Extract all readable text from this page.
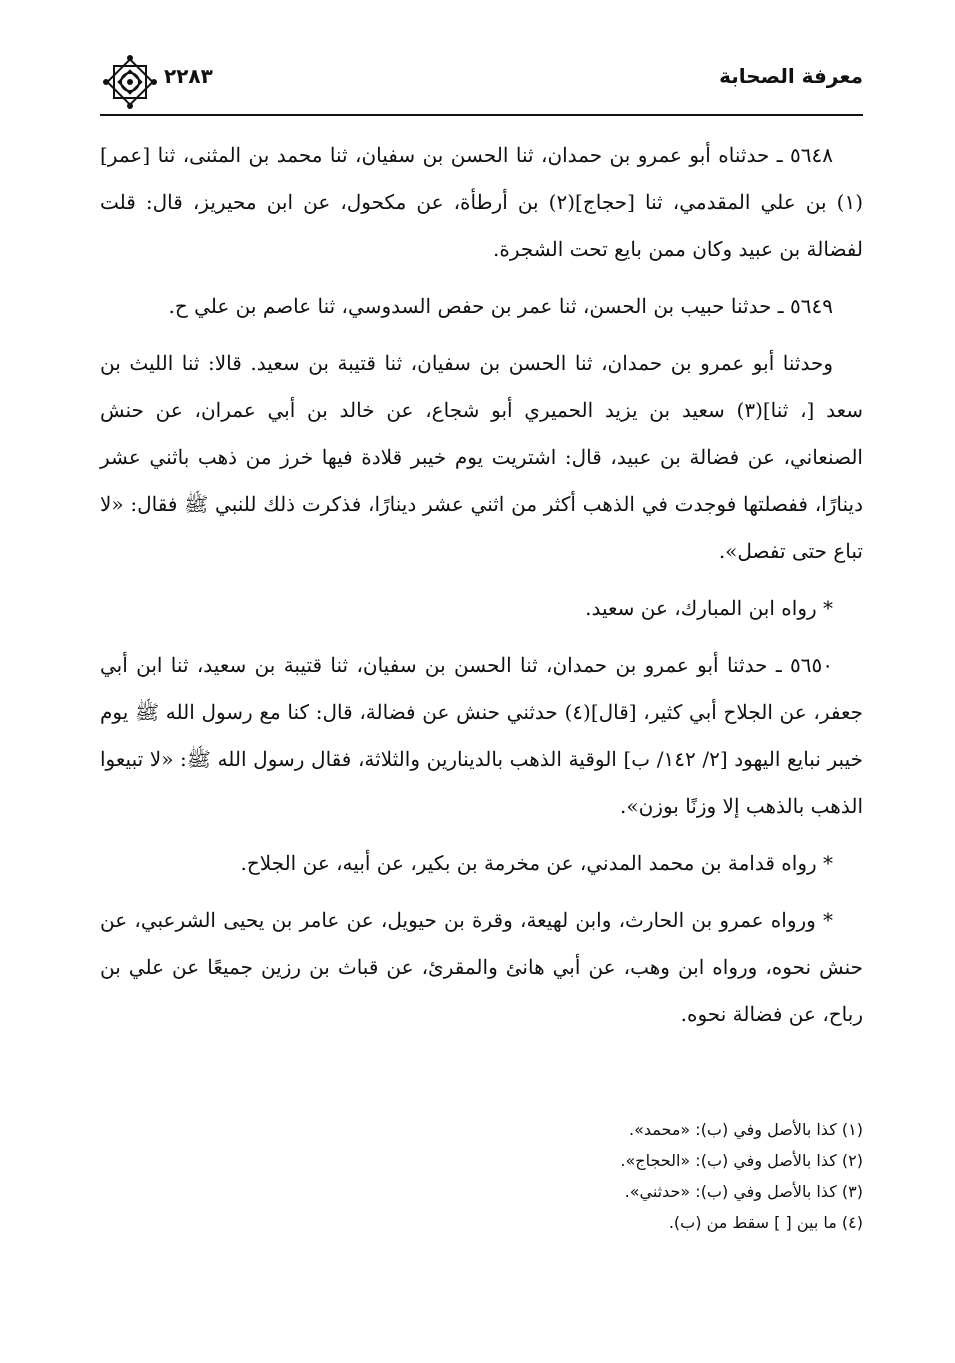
معرفة الصحابة
٢٢٨٣

٥٦٤٨ ـ حدثناه أبو عمرو بن حمدان، ثنا الحسن بن سفيان، ثنا محمد بن المثنى، ثنا [عمر](١) بن علي المقدمي، ثنا [حجاج](٢) بن أرطأة، عن مكحول، عن ابن محيريز، قال: قلت لفضالة بن عبيد وكان ممن بايع تحت الشجرة.

٥٦٤٩ ـ حدثنا حبيب بن الحسن، ثنا عمر بن حفص السدوسي، ثنا عاصم بن علي ح.

وحدثنا أبو عمرو بن حمدان، ثنا الحسن بن سفيان، ثنا قتيبة بن سعيد. قالا: ثنا الليث بن سعد [، ثنا](٣) سعيد بن يزيد الحميري أبو شجاع، عن خالد بن أبي عمران، عن حنش الصنعاني، عن فضالة بن عبيد، قال: اشتريت يوم خيبر قلادة فيها خرز من ذهب باثني عشر دينارًا، ففصلتها فوجدت في الذهب أكثر من اثني عشر دينارًا، فذكرت ذلك للنبي ﷺ فقال: «لا تباع حتى تفصل».

* رواه ابن المبارك، عن سعيد.

٥٦٥٠ ـ حدثنا أبو عمرو بن حمدان، ثنا الحسن بن سفيان، ثنا قتيبة بن سعيد، ثنا ابن أبي جعفر، عن الجلاح أبي كثير، [قال](٤) حدثني حنش عن فضالة، قال: كنا مع رسول الله ﷺ يوم خيبر نبايع اليهود [٢/ ١٤٢/ ب] الوقية الذهب بالدينارين والثلاثة، فقال رسول الله ﷺ: «لا تبيعوا الذهب بالذهب إلا وزنًا بوزن».

* رواه قدامة بن محمد المدني، عن مخرمة بن بكير، عن أبيه، عن الجلاح.

* ورواه عمرو بن الحارث، وابن لهيعة، وقرة بن حيويل، عن عامر بن يحيى الشرعبي، عن حنش نحوه، ورواه ابن وهب، عن أبي هانئ والمقرئ، عن قباث بن رزين جميعًا عن علي بن رباح، عن فضالة نحوه.

(١) كذا بالأصل وفي (ب): «محمد».

(٢) كذا بالأصل وفي (ب): «الحجاج».

(٣) كذا بالأصل وفي (ب): «حدثني».

(٤) ما بين [ ] سقط من (ب).
